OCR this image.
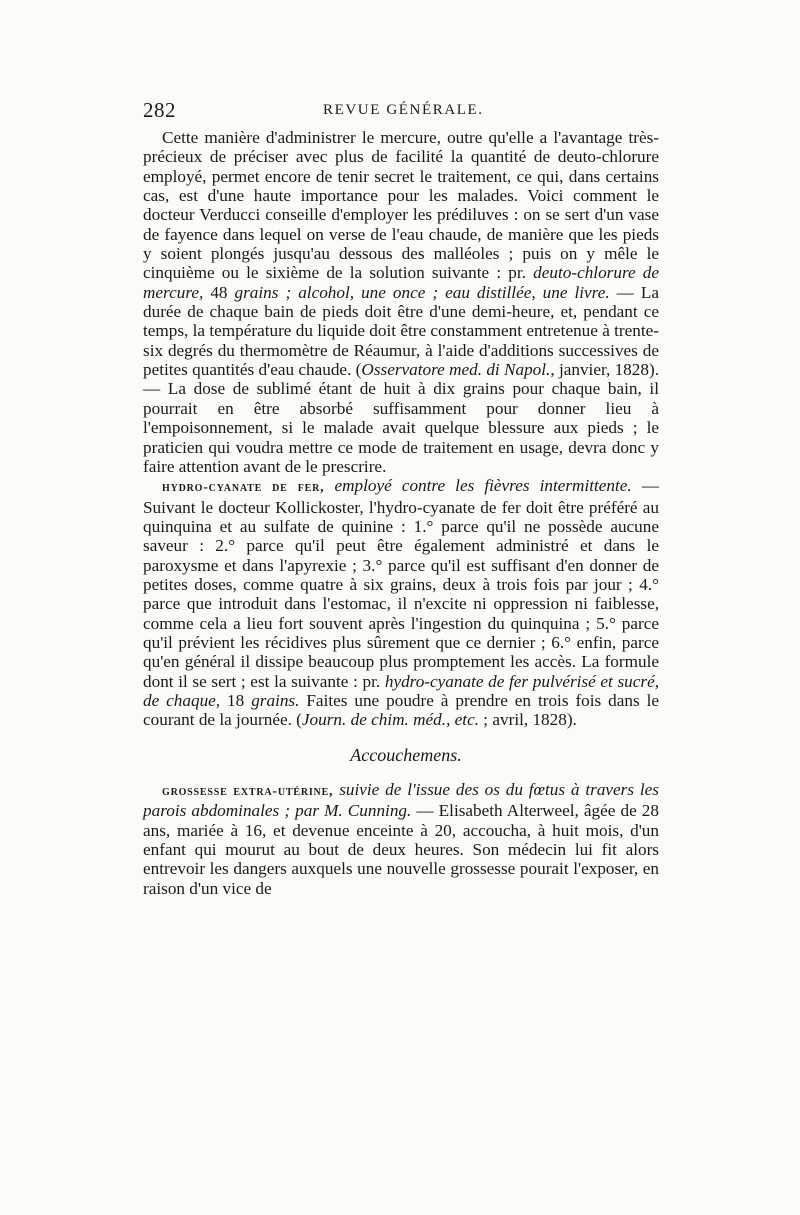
282	REVUE GÉNÉRALE.

Cette manière d'administrer le mercure, outre qu'elle a l'avantage très-précieux de préciser avec plus de facilité la quantité de deuto-chlorure employé, permet encore de tenir secret le traitement, ce qui, dans certains cas, est d'une haute importance pour les malades. Voici comment le docteur Verducci conseille d'employer les prédiluves : on se sert d'un vase de fayence dans lequel on verse de l'eau chaude, de manière que les pieds y soient plongés jusqu'au dessous des malléoles ; puis on y mêle le cinquième ou le sixième de la solution suivante : pr. deuto-chlorure de mercure, 48 grains ; alcohol, une once ; eau distillée, une livre. — La durée de chaque bain de pieds doit être d'une demi-heure, et, pendant ce temps, la température du liquide doit être constamment entretenue à trente-six degrés du thermomètre de Réaumur, à l'aide d'additions successives de petites quantités d'eau chaude. (Osservatore med. di Napol., janvier, 1828). — La dose de sublimé étant de huit à dix grains pour chaque bain, il pourrait en être absorbé suffisamment pour donner lieu à l'empoisonnement, si le malade avait quelque blessure aux pieds ; le praticien qui voudra mettre ce mode de traitement en usage, devra donc y faire attention avant de le prescrire.

hydro-cyanate de fer, employé contre les fièvres intermittente. — Suivant le docteur Kollickoster, l'hydro-cyanate de fer doit être préféré au quinquina et au sulfate de quinine : 1.° parce qu'il ne possède aucune saveur : 2.° parce qu'il peut être également administré et dans le paroxysme et dans l'apyrexie ; 3.° parce qu'il est suffisant d'en donner de petites doses, comme quatre à six grains, deux à trois fois par jour ; 4.° parce que introduit dans l'estomac, il n'excite ni oppression ni faiblesse, comme cela a lieu fort souvent après l'ingestion du quinquina ; 5.° parce qu'il prévient les récidives plus sûrement que ce dernier ; 6.° enfin, parce qu'en général il dissipe beaucoup plus promptement les accès. La formule dont il se sert ; est la suivante : pr. hydro-cyanate de fer pulvérisé et sucré, de chaque, 18 grains. Faites une poudre à prendre en trois fois dans le courant de la journée. (Journ. de chim. méd., etc. ; avril, 1828).

Accouchemens.

grossesse extra-utérine, suivie de l'issue des os du fœtus à travers les parois abdominales ; par M. Cunning. — Elisabeth Alterweel, âgée de 28 ans, mariée à 16, et devenue enceinte à 20, accoucha, à huit mois, d'un enfant qui mourut au bout de deux heures. Son médecin lui fit alors entrevoir les dangers auxquels une nouvelle grossesse pourait l'exposer, en raison d'un vice de
